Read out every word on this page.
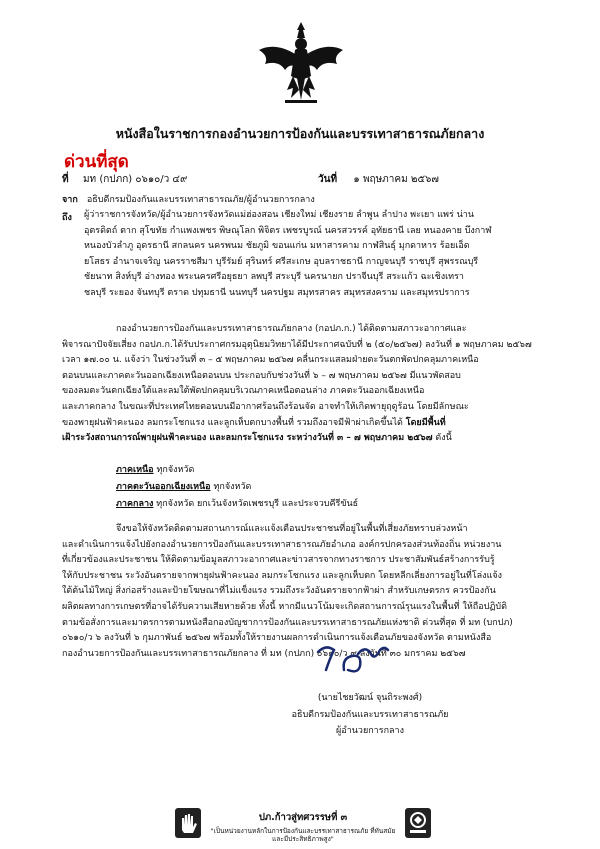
หนังสือในราชการกองอำนวยการป้องกันและบรรเทาสาธารณภัยกลาง
ด่วนที่สุด
ที่ มท (กปภก) ๐๖๑๐/ว ๔๙	วันที่ ๑ พฤษภาคม ๒๕๖๗
จาก อธิบดีกรมป้องกันและบรรเทาสาธารณภัย/ผู้อำนวยการกลาง
ถึง	ผู้ว่าราชการจังหวัด/ผู้อำนวยการจังหวัดแม่ฮ่องสอน เชียงใหม่ เชียงราย ลำพูน ลำปาง พะเยา แพร่ น่าน
อุตรดิตถ์ ตาก สุโขทัย กำแพงเพชร พิษณุโลก พิจิตร เพชรบูรณ์ นครสวรรค์ อุทัยธานี เลย หนองคาย บึงกาฬ
หนองบัวลำภู อุดรธานี สกลนคร นครพนม ชัยภูมิ ขอนแก่น มหาสารคาม กาฬสินธุ์ มุกดาหาร ร้อยเอ็ด
ยโสธร อำนาจเจริญ นครราชสีมา บุรีรัมย์ สุรินทร์ ศรีสะเกษ อุบลราชธานี กาญจนบุรี ราชบุรี สุพรรณบุรี
ชัยนาท สิงห์บุรี อ่างทอง พระนครศรีอยุธยา ลพบุรี สระบุรี นครนายก ปราจีนบุรี สระแก้ว ฉะเชิงเทรา
ชลบุรี ระยอง จันทบุรี ตราด ปทุมธานี นนทบุรี นครปฐม สมุทรสาคร สมุทรสงคราม และสมุทรปราการ
กองอำนวยการป้องกันและบรรเทาสาธารณภัยกลาง (กอปภ.ก.) ได้ติดตามสภาวะอากาศและ
พิจารณาปัจจัยเสี่ยง กอปภ.ก.ได้รับประกาศกรมอุตุนิยมวิทยาได้มีประกาศฉบับที่ ๒ (๕๐/๒๕๖๗) ลงวันที่ ๑ พฤษภาคม ๒๕๖๗
เวลา ๑๗.๐๐ น. แจ้งว่า ในช่วงวันที่ ๓ – ๕ พฤษภาคม ๒๕๖๗ คลื่นกระแสลมฝ่ายตะวันตกพัดปกคลุมภาคเหนือ
ตอนบนและภาคตะวันออกเฉียงเหนือตอนบน ประกอบกับช่วงวันที่ ๖ – ๗ พฤษภาคม ๒๕๖๗ มีแนวพัดสอบ
ของลมตะวันตกเฉียงใต้และลมใต้พัดปกคลุมบริเวณภาคเหนือตอนล่าง ภาคตะวันออกเฉียงเหนือ
และภาคกลาง ในขณะที่ประเทศไทยตอนบนมีอากาศร้อนถึงร้อนจัด อาจทำให้เกิดพายุฤดูร้อน โดยมีลักษณะ
ของพายุฝนฟ้าคะนอง ลมกระโชกแรง และลูกเห็บตกบางพื้นที่ รวมถึงอาจมีฟ้าผ่าเกิดขึ้นได้ โดยมีพื้นที่
เฝ้าระวังสถานการณ์พายุฝนฟ้าคะนอง และลมกระโชกแรง ระหว่างวันที่ ๓ – ๗ พฤษภาคม ๒๕๖๗ ดังนี้
ภาคเหนือ ทุกจังหวัด
ภาคตะวันออกเฉียงเหนือ ทุกจังหวัด
ภาคกลาง ทุกจังหวัด ยกเว้นจังหวัดเพชรบุรี และประจวบคีรีขันธ์
จึงขอให้จังหวัดติดตามสถานการณ์และแจ้งเตือนประชาชนที่อยู่ในพื้นที่เสี่ยงภัยทราบล่วงหน้า
และดำเนินการแจ้งไปยังกองอำนวยการป้องกันและบรรเทาสาธารณภัยอำเภอ องค์กรปกครองส่วนท้องถิ่น หน่วยงาน
ที่เกี่ยวข้องและประชาชน ให้ติดตามข้อมูลสภาวะอากาศและข่าวสารจากทางราชการ ประชาสัมพันธ์สร้างการรับรู้
ให้กับประชาชน ระวังอันตรายจากพายุฝนฟ้าคะนอง ลมกระโชกแรง และลูกเห็บตก โดยหลีกเลี่ยงการอยู่ในที่โล่งแจ้ง
ใต้ต้นไม้ใหญ่ สิ่งก่อสร้างและป้ายโฆษณาที่ไม่แข็งแรง รวมถึงระวังอันตรายจากฟ้าผ่า สำหรับเกษตรกร ควรป้องกัน
ผลิตผลทางการเกษตรที่อาจได้รับความเสียหายด้วย ทั้งนี้ หากมีแนวโน้มจะเกิดสถานการณ์รุนแรงในพื้นที่ ให้ถือปฏิบัติ
ตามข้อสั่งการและมาตรการตามหนังสือกองบัญชาการป้องกันและบรรเทาสาธารณภัยแห่งชาติ ด่วนที่สุด ที่ มท (บกปภ)
๐๖๑๐/ว ๖ ลงวันที่ ๖ กุมภาพันธ์ ๒๕๖๗ พร้อมทั้งให้รายงานผลการดำเนินการแจ้งเตือนภัยของจังหวัด ตามหนังสือ
กองอำนวยการป้องกันและบรรเทาสาธารณภัยกลาง ที่ มท (กปภก) ๐๖๑๐/ว ๙ ลงวันที่ ๓๐ มกราคม ๒๕๖๗
(นายไชยวัฒน์ จุนถิระพงศ์)
อธิบดีกรมป้องกันและบรรเทาสาธารณภัย
ผู้อำนวยการกลาง
ปภ.ก้าวสู่ทศวรรษที่ ๓
"เป็นหน่วยงานหลักในการป้องกันและบรรเทาสาธารณภัย ที่ทันสมัยและมีประสิทธิภาพสูง"
